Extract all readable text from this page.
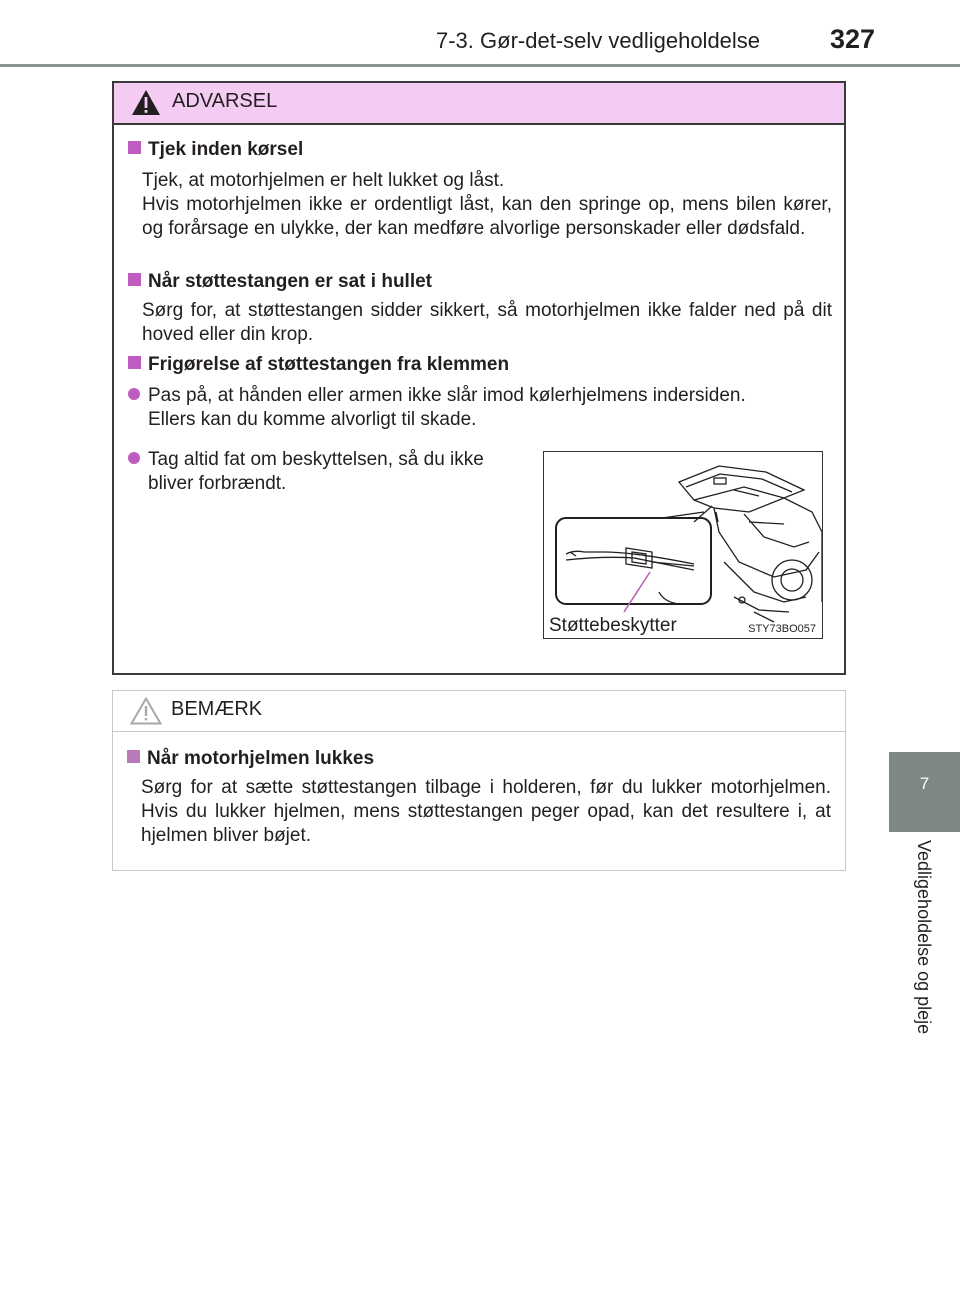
7-3. Gør-det-selv vedligeholdelse	327
7
Vedligeholdelse og pleje
ADVARSEL
Tjek inden kørsel
Tjek, at motorhjelmen er helt lukket og låst.
Hvis motorhjelmen ikke er ordentligt låst, kan den springe op, mens bilen kører, og forårsage en ulykke, der kan medføre alvorlige personskader eller dødsfald.
Når støttestangen er sat i hullet
Sørg for, at støttestangen sidder sikkert, så motorhjelmen ikke falder ned på dit hoved eller din krop.
Frigørelse af støttestangen fra klemmen
Pas på, at hånden eller armen ikke slår imod kølerhjelmens indersiden.
Ellers kan du komme alvorligt til skade.
Tag altid fat om beskyttelsen, så du ikke
bliver forbrændt.
Støttebeskytter	STY73BO057
BEMÆRK
Når motorhjelmen lukkes
Sørg for at sætte støttestangen tilbage i holderen, før du lukker motorhjelmen. Hvis du lukker hjelmen, mens støttestangen peger opad, kan det resultere i, at hjelmen bliver bøjet.
